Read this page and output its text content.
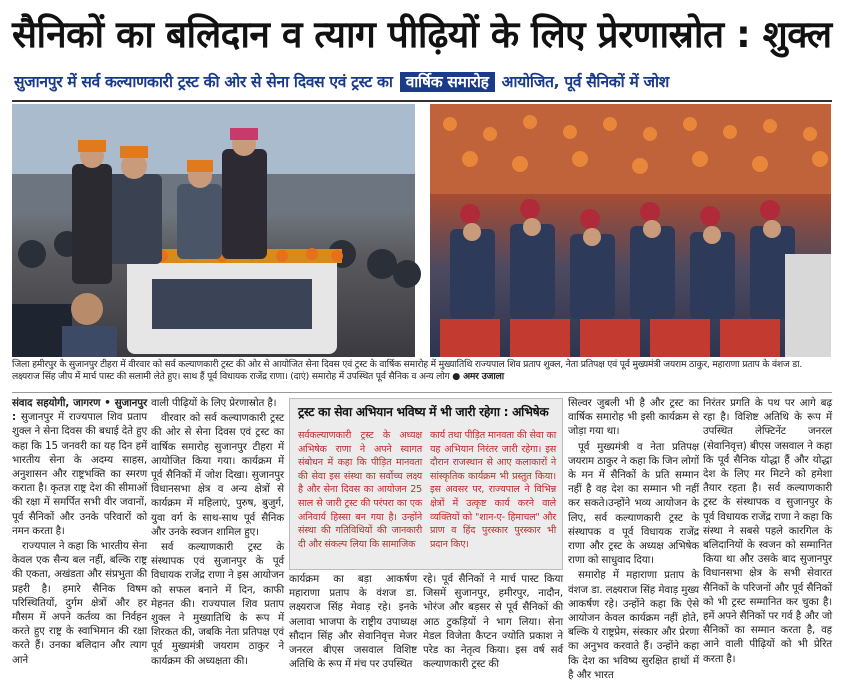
सैनिकों का बलिदान व त्याग पीढ़ियों के लिए प्रेरणास्रोत : शुक्ल
सुजानपुर में सर्व कल्याणकारी ट्रस्ट की ओर से सेना दिवस एवं ट्रस्ट का वार्षिक समारोह आयोजित, पूर्व सैनिकों में जोश
जिला हमीरपुर के सुजानपुर टीहरा में वीरवार को सर्व कल्याणकारी ट्रस्ट की ओर से आयोजित सेना दिवस एवं ट्रस्ट के वार्षिक समारोह में मुख्यातिथि राज्यपाल शिव प्रताप शुक्ल, नेता प्रतिपक्ष एवं पूर्व मुख्यमंत्री जयराम ठाकुर, महाराणा प्रताप के वंशज डा. लक्ष्यराज सिंह जीप में मार्च पास्ट की सलामी लेते हुए। साथ हैं पूर्व विधायक राजेंद्र राणा। (दाएं) समारोह में उपस्थित पूर्व सैनिक व अन्य लोग ● अमर उजाला

संवाद सहयोगी, जागरण • सुजानपुर : सुजानपुर में राज्यपाल शिव प्रताप शुक्ल ने सेना दिवस की बधाई देते हुए कहा कि 15 जनवरी का यह दिन हमें भारतीय सेना के अदम्य साहस, अनुशासन और राष्ट्रभक्ति का स्मरण कराता है। कृतज्ञ राष्ट्र देश की सीमाओं की रक्षा में समर्पित सभी वीर जवानों, पूर्व सैनिकों और उनके परिवारों को नमन करता है।

राज्यपाल ने कहा कि भारतीय सेना केवल एक सैन्य बल नहीं, बल्कि राष्ट्र की एकता, अखंडता और संप्रभुता की प्रहरी है। हमारे सैनिक विषम परिस्थितियों, दुर्गम क्षेत्रों और हर मौसम में अपने कर्तव्य का निर्वहन करते हुए राष्ट्र के स्वाभिमान की रक्षा करते हैं। उनका बलिदान और त्याग आने

वाली पीढ़ियों के लिए प्रेरणास्रोत है।

वीरवार को सर्व कल्याणकारी ट्रस्ट की ओर से सेना दिवस एवं ट्रस्ट का वार्षिक समारोह सुजानपुर टीहरा में आयोजित किया गया। कार्यक्रम में पूर्व सैनिकों में जोश दिखा। सुजानपुर विधानसभा क्षेत्र व अन्य क्षेत्रों से कार्यक्रम में महिलाएं, पुरुष, बुजुर्ग, युवा वर्ग के साथ-साथ पूर्व सैनिक और उनके स्वजन शामिल हुए।

सर्व कल्याणकारी ट्रस्ट के संस्थापक एवं सुजानपुर के पूर्व विधायक राजेंद्र राणा ने इस आयोजन को सफल बनाने में दिन, काफी मेहनत की। राज्यपाल शिव प्रताप शुक्ल ने मुख्यातिथि के रूप में शिरकत की, जबकि नेता प्रतिपक्ष एवं पूर्व मुख्यमंत्री जयराम ठाकुर ने कार्यक्रम की अध्यक्षता की।

ट्रस्ट का सेवा अभियान भविष्य में भी जारी रहेगा : अभिषेक
सर्वकल्याणकारी ट्रस्ट के अध्यक्ष अभिषेक राणा ने अपने स्वागत संबोधन में कहा कि पीड़ित मानवता की सेवा इस संस्था का सर्वोच्च लक्ष्य है और सेना दिवस का आयोजन 25 साल से जारी ट्रस्ट की परंपरा का एक अनिवार्य हिस्सा बन गया है। उन्होंने संस्था की गतिविधियों की जानकारी दी और संकल्प लिया कि सामाजिक
कार्य तथा पीड़ित मानवता की सेवा का यह अभियान निरंतर जारी रहेगा। इस दौरान राजस्थान से आए कलाकारों ने सांस्कृतिक कार्यक्रम भी प्रस्तुत किया। इस अवसर पर, राज्यपाल ने विभिन्न क्षेत्रों में उत्कृष्ट कार्य करने वाले व्यक्तियों को "शान-ए- हिमाचल" और प्राण व हिंद पुरस्कार पुरस्कार भी प्रदान किए।

कार्यक्रम का बड़ा आकर्षण महाराणा प्रताप के वंशज डा. लक्ष्यराज सिंह मेवाड़ रहे। इनके अलावा भाजपा के राष्ट्रीय उपाध्यक्ष सौदान सिंह और सेवानिवृत्त मेजर जनरल बीएस जसवाल विशिष्ट अतिथि के रूप में मंच पर उपस्थित

रहे। पूर्व सैनिकों ने मार्च पास्ट किया जिसमें सुजानपुर, हमीरपुर, नादौन, भोरंज और बड़सर से पूर्व सैनिकों की आठ टुकड़ियों ने भाग लिया। सेना मेडल विजेता कैप्टन ज्योति प्रकाश ने परेड का नेतृत्व किया। इस वर्ष सर्व कल्याणकारी ट्रस्ट की

सिल्वर जुबली भी है और ट्रस्ट का वार्षिक समारोह भी इसी कार्यक्रम से जोड़ा गया था।

पूर्व मुख्यमंत्री व नेता प्रतिपक्ष जयराम ठाकुर ने कहा कि जिन लोगों के मन में सैनिकों के प्रति सम्मान नहीं है वह देश का सम्मान भी नहीं कर सकते।उन्होंने भव्य आयोजन के लिए, सर्व कल्याणकारी ट्रस्ट के संस्थापक व पूर्व विधायक राजेंद्र राणा और ट्रस्ट के अध्यक्ष अभिषेक राणा को साधुवाद दिया।

समारोह में महाराणा प्रताप के वंशज डा. लक्ष्यराज सिंह मेवाड़ मुख्य आकर्षण रहे। उन्होंने कहा कि ऐसे आयोजन केवल कार्यक्रम नहीं होते, बल्कि ये राष्ट्रप्रेम, संस्कार और प्रेरणा का अनुभव करवाते हैं। उन्होंने कहा कि देश का भविष्य सुरक्षित हाथों में है और भारत

निरंतर प्रगति के पथ पर आगे बढ़ रहा है। विशिष्ट अतिथि के रूप में उपस्थित लेफ्टिनेंट जनरल (सेवानिवृत्त) बीएस जसवाल ने कहा कि पूर्व सैनिक योद्धा हैं और योद्धा देश के लिए मर मिटने को हमेशा तैयार रहता है। सर्व कल्याणकारी ट्रस्ट के संस्थापक व सुजानपुर के पूर्व विधायक राजेंद्र राणा ने कहा कि संस्था ने सबसे पहले कारगिल के बलिदानियों के स्वजन को सम्मानित किया था और उसके बाद सुजानपुर विधानसभा क्षेत्र के सभी सेवारत सैनिकों के परिजनों और पूर्व सैनिकों को भी ट्रस्ट सम्मानित कर चुका है। हमें अपने सैनिकों पर गर्व है और जो सैनिकों का सम्मान करता है, वह आने वाली पीढ़ियों को भी प्रेरित करता है।
